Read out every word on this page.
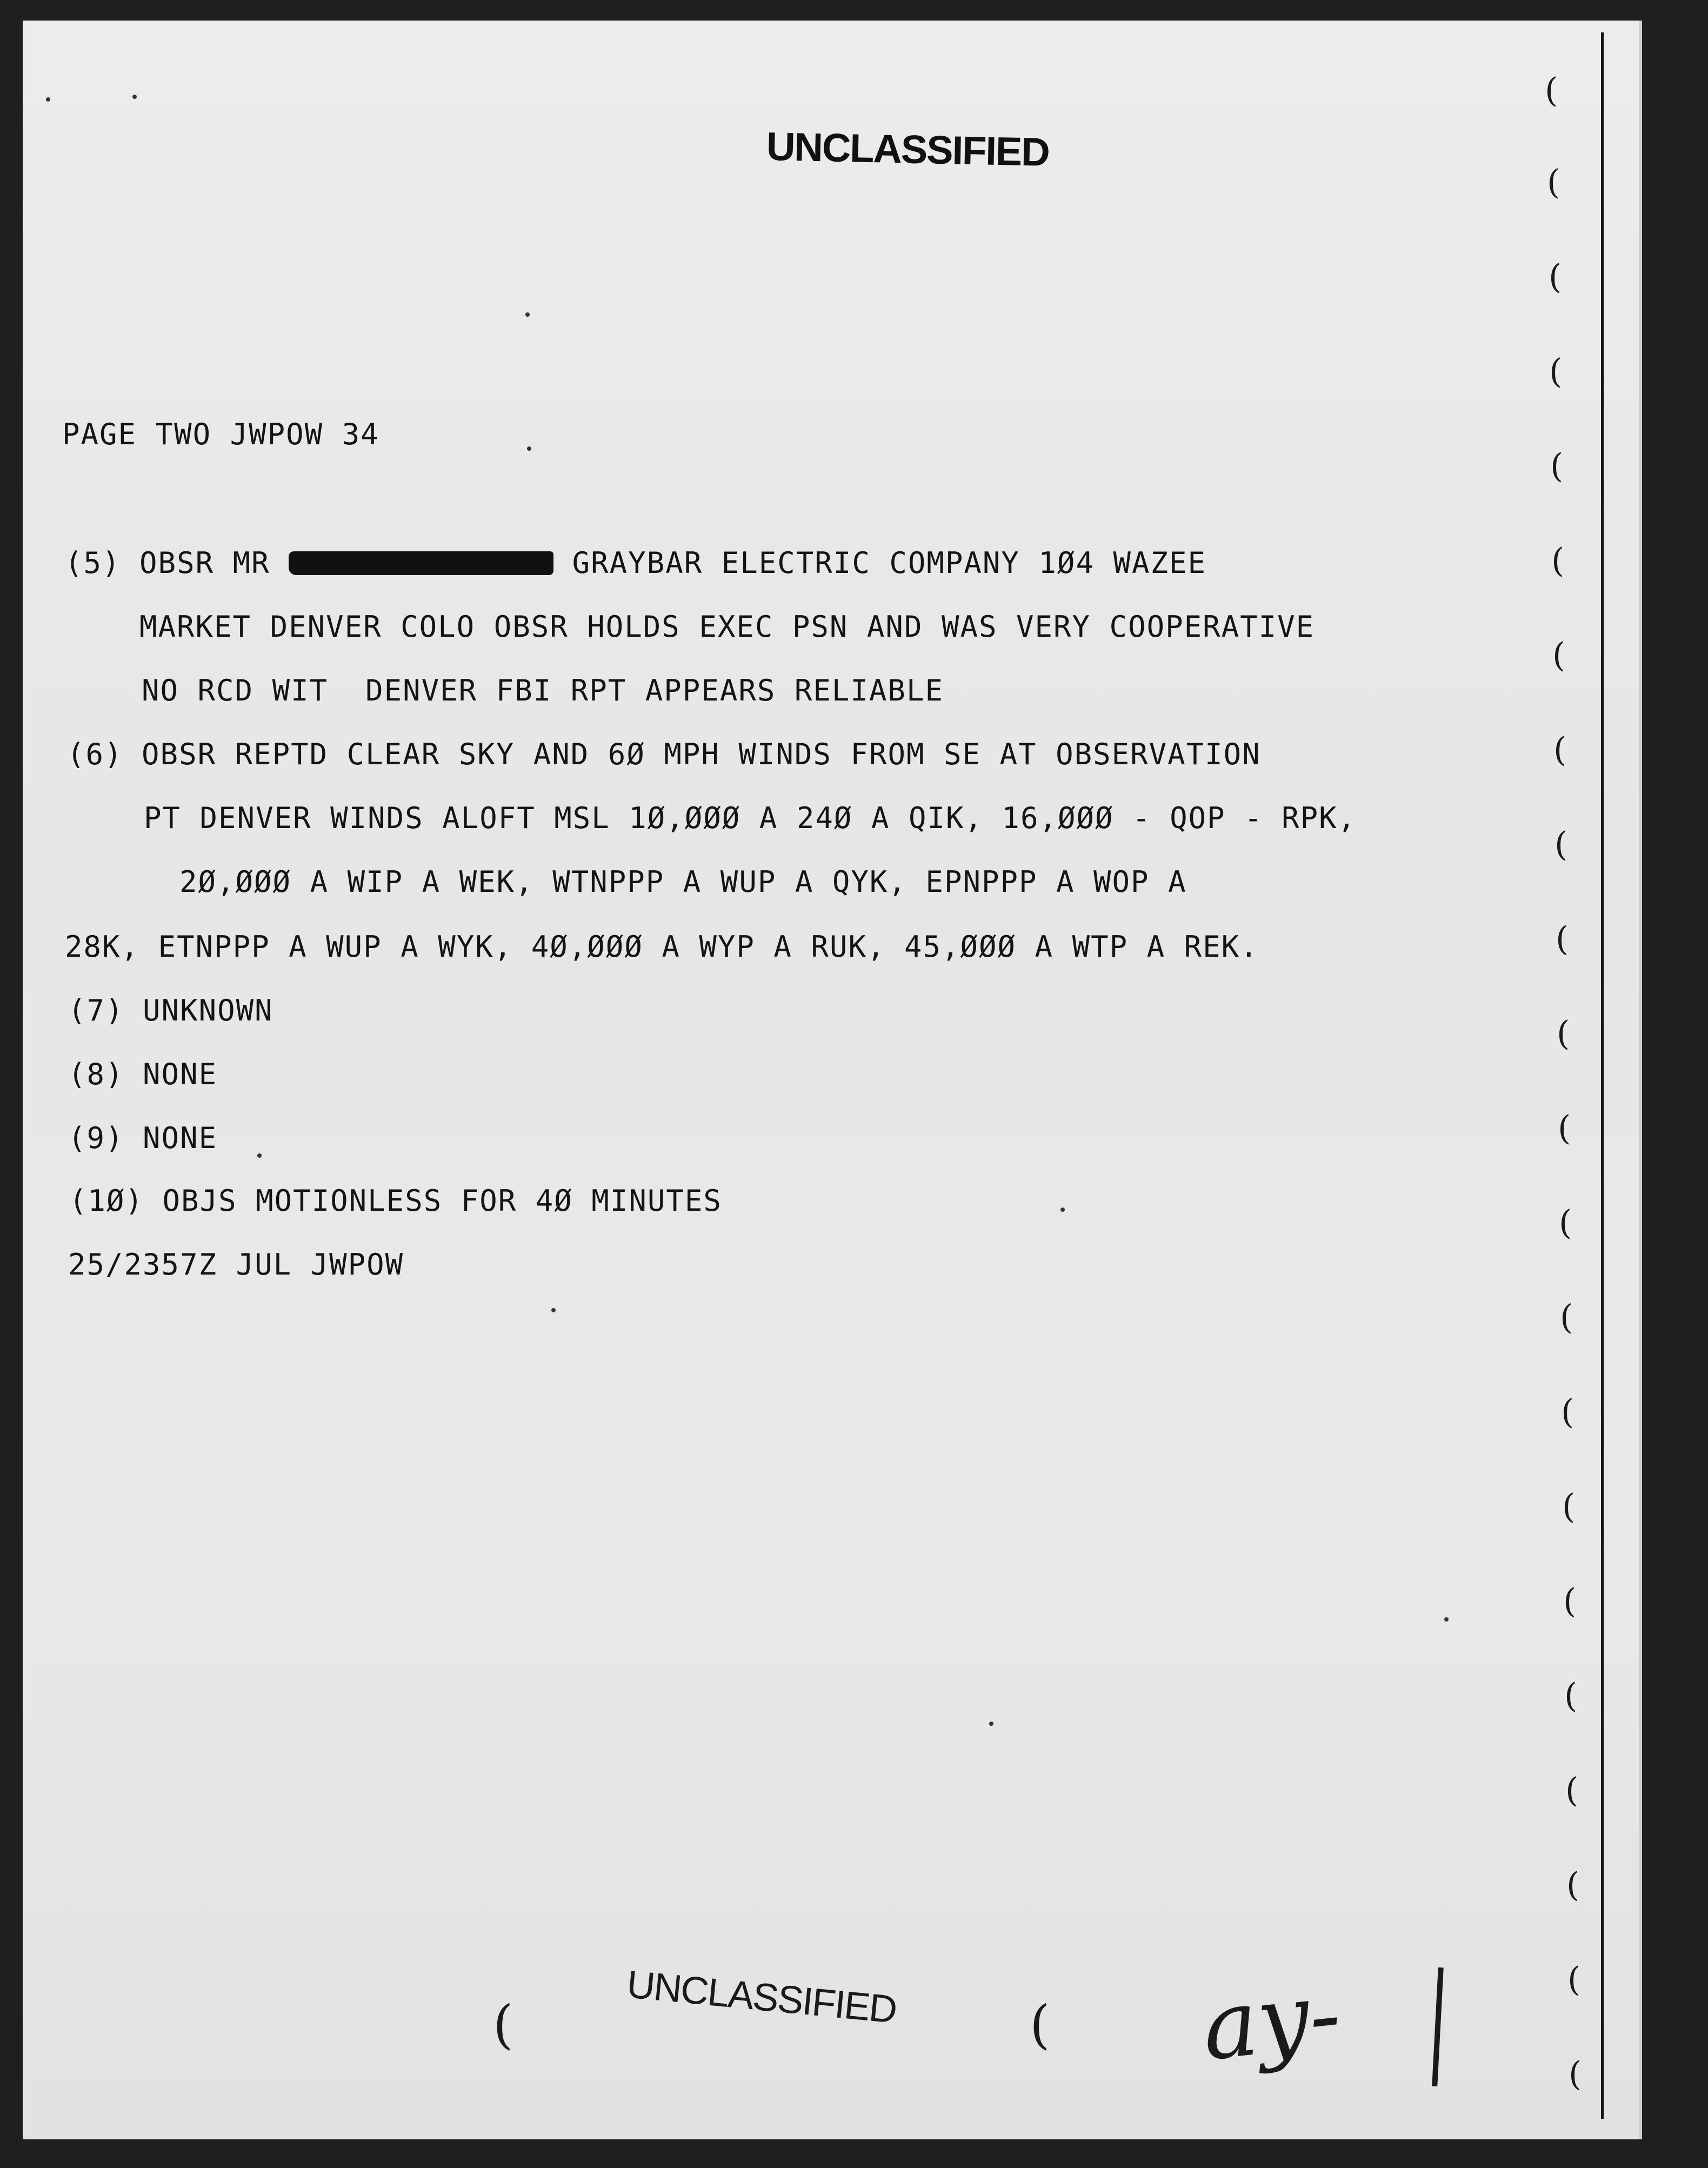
UNCLASSIFIED
PAGE TWO JWPOW 34
(5) OBSR MR	GRAYBAR ELECTRIC COMPANY 1Ø4 WAZEE
MARKET DENVER COLO OBSR HOLDS EXEC PSN AND WAS VERY COOPERATIVE
NO RCD WIT  DENVER FBI RPT APPEARS RELIABLE
(6) OBSR REPTD CLEAR SKY AND 6Ø MPH WINDS FROM SE AT OBSERVATION
PT DENVER WINDS ALOFT MSL 1Ø,ØØØ A 24Ø A QIK, 16,ØØØ - QOP - RPK,
2Ø,ØØØ A WIP A WEK, WTNPPP A WUP A QYK, EPNPPP A WOP A
28K, ETNPPP A WUP A WYK, 4Ø,ØØØ A WYP A RUK, 45,ØØØ A WTP A REK.
(7) UNKNOWN
(8) NONE
(9) NONE
(1Ø) OBJS MOTIONLESS FOR 4Ø MINUTES
25/2357Z JUL JWPOW
(
(
(
(
(
(
(
(
(
(
(
(
(
(
(
(
(
(
(
(
(
(
UNCLASSIFIED
(	( ay-
